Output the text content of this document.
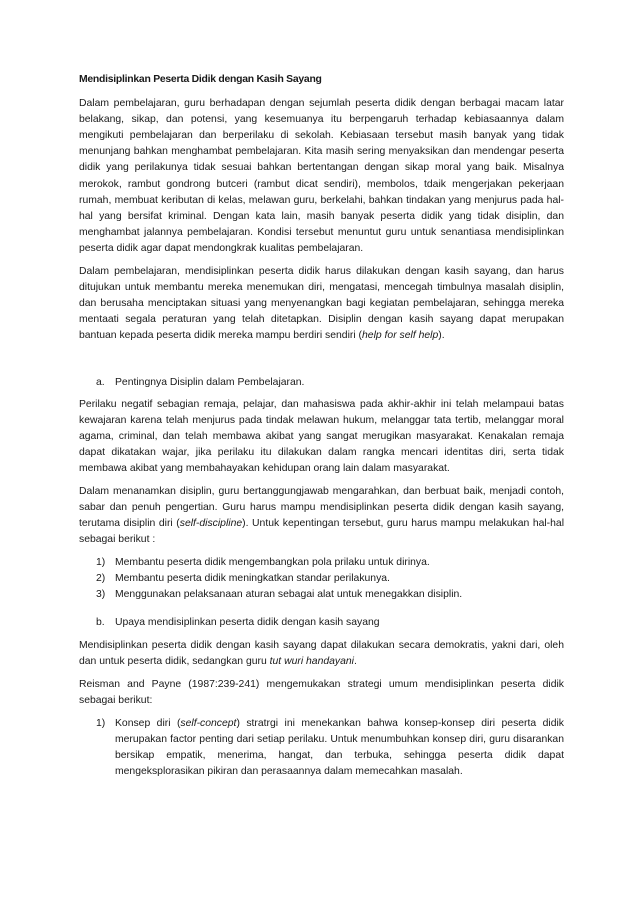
Mendisiplinkan Peserta Didik dengan Kasih Sayang

Dalam pembelajaran, guru berhadapan dengan sejumlah peserta didik dengan berbagai macam latar belakang, sikap, dan potensi, yang kesemuanya itu berpengaruh terhadap kebiasaannya dalam mengikuti pembelajaran dan berperilaku di sekolah. Kebiasaan tersebut masih banyak yang tidak menunjang bahkan menghambat pembelajaran. Kita masih sering menyaksikan dan mendengar peserta didik yang perilakunya tidak sesuai bahkan bertentangan dengan sikap moral yang baik. Misalnya merokok, rambut gondrong butceri (rambut dicat sendiri), membolos, tdaik mengerjakan pekerjaan rumah, membuat keributan di kelas, melawan guru, berkelahi, bahkan tindakan yang menjurus pada hal-hal yang bersifat kriminal. Dengan kata lain, masih banyak peserta didik yang tidak disiplin, dan menghambat jalannya pembelajaran. Kondisi tersebut menuntut guru untuk senantiasa mendisiplinkan peserta didik agar dapat mendongkrak kualitas pembelajaran.

Dalam pembelajaran, mendisiplinkan peserta didik harus dilakukan dengan kasih sayang, dan harus ditujukan untuk membantu mereka menemukan diri, mengatasi, mencegah timbulnya masalah disiplin, dan berusaha menciptakan situasi yang menyenangkan bagi kegiatan pembelajaran, sehingga mereka mentaati segala peraturan yang telah ditetapkan. Disiplin dengan kasih sayang dapat merupakan bantuan kepada peserta didik mereka mampu berdiri sendiri (help for self help).

a. Pentingnya Disiplin dalam Pembelajaran.

Perilaku negatif sebagian remaja, pelajar, dan mahasiswa pada akhir-akhir ini telah melampaui batas kewajaran karena telah menjurus pada tindak melawan hukum, melanggar tata tertib, melanggar moral agama, criminal, dan telah membawa akibat yang sangat merugikan masyarakat. Kenakalan remaja dapat dikatakan wajar, jika perilaku itu dilakukan dalam rangka mencari identitas diri, serta tidak membawa akibat yang membahayakan kehidupan orang lain dalam masyarakat.

Dalam menanamkan disiplin, guru bertanggungjawab mengarahkan, dan berbuat baik, menjadi contoh, sabar dan penuh pengertian. Guru harus mampu mendisiplinkan peserta didik dengan kasih sayang, terutama disiplin diri (self-discipline). Untuk kepentingan tersebut, guru harus mampu melakukan hal-hal sebagai berikut :

1) Membantu peserta didik mengembangkan pola prilaku untuk dirinya.
2) Membantu peserta didik meningkatkan standar perilakunya.
3) Menggunakan pelaksanaan aturan sebagai alat untuk menegakkan disiplin.
b. Upaya mendisiplinkan peserta didik dengan kasih sayang

Mendisiplinkan peserta didik dengan kasih sayang dapat dilakukan secara demokratis, yakni dari, oleh dan untuk peserta didik, sedangkan guru tut wuri handayani.

Reisman and Payne (1987:239-241) mengemukakan strategi umum mendisiplinkan peserta didik sebagai berikut:

1) Konsep diri (self-concept) stratrgi ini menekankan bahwa konsep-konsep diri peserta didik merupakan factor penting dari setiap perilaku. Untuk menumbuhkan konsep diri, guru disarankan bersikap empatik, menerima, hangat, dan terbuka, sehingga peserta didik dapat mengeksplorasikan pikiran dan perasaannya dalam memecahkan masalah.
